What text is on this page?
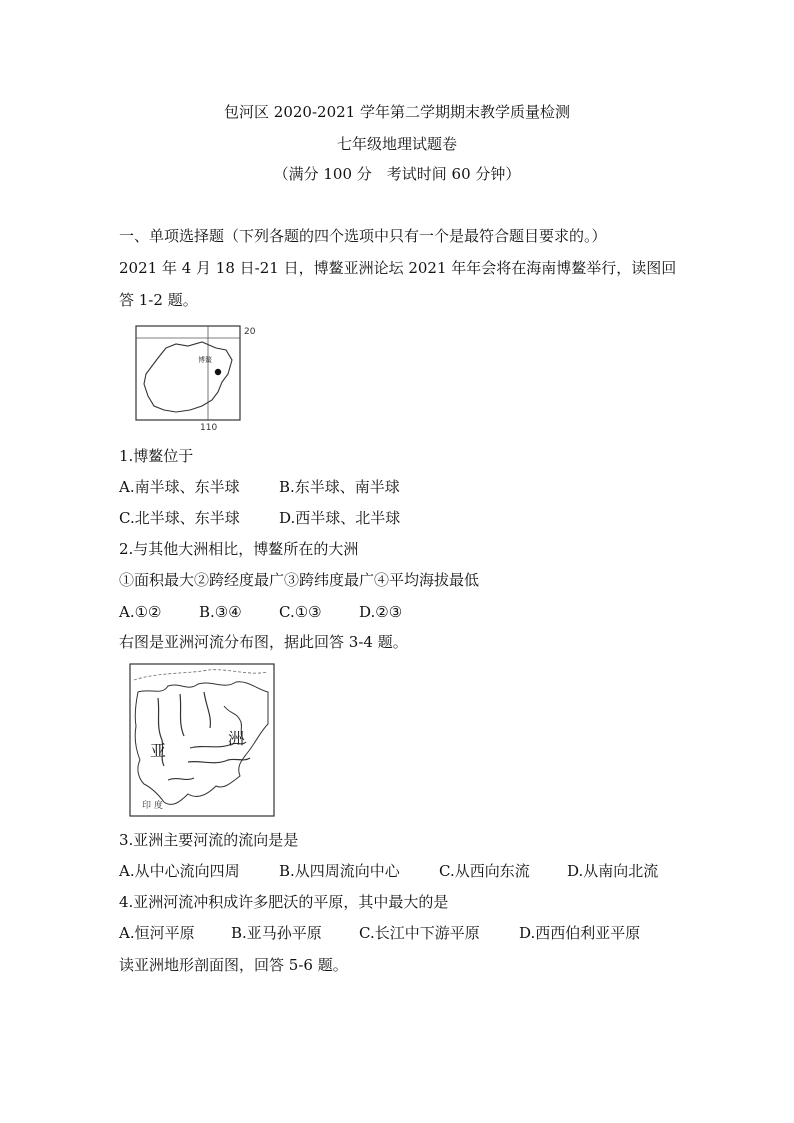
包河区 2020-2021 学年第二学期期末教学质量检测
七年级地理试题卷
（满分 100 分　考试时间 60 分钟）
一、单项选择题（下列各题的四个选项中只有一个是最符合题目要求的。）
2021 年 4 月 18 日-21 日，博鳌亚洲论坛 2021 年年会将在海南博鳌举行，读图回
答 1-2 题。
20
110
博鳌
1.博鳌位于
A.南半球、东半球	B.东半球、南半球
C.北半球、东半球	D.西半球、北半球
2.与其他大洲相比，博鳌所在的大洲
①面积最大②跨经度最广③跨纬度最广④平均海拔最低
A.①②	B.③④ C.①③ D.②③
右图是亚洲河流分布图，据此回答 3-4 题。
亚
洲
印 度
3.亚洲主要河流的流向是是
A.从中心流向四周	B.从四周流向中心	C.从西向东流 D.从南向北流
4.亚洲河流冲积成许多肥沃的平原，其中最大的是
A.恒河平原 B.亚马孙平原 C.长江中下游平原	D.西西伯利亚平原
读亚洲地形剖面图，回答 5-6 题。
